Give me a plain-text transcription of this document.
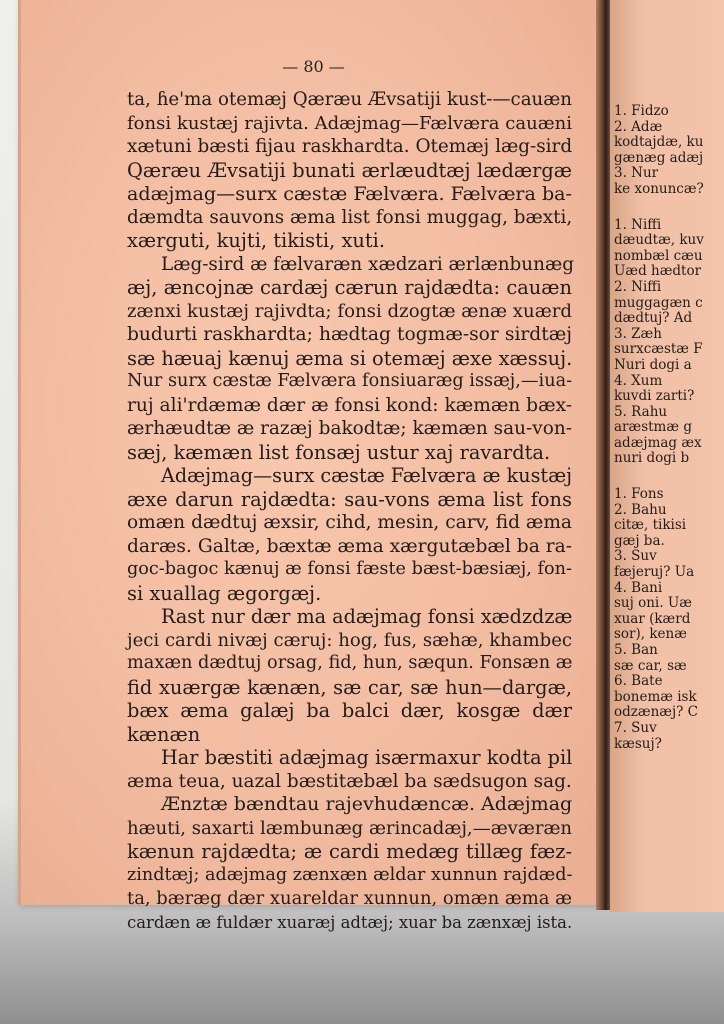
— 80 —
ta, ɦe'ma otemæj Qæræu Ævsatiji kust-—cauæn
fonsi kustæj rajivta. Adæjmag—Fælværa cauæni
xætuni bæsti fijau raskhardta. Otemæj læg-sird
Qæræu Ævsatiji bunati ærlæudtæj lædærgæ
adæjmag—surx cæstæ Fælværa. Fælværa ba-
dæmdta sauvons æma list fonsi muggag, bæxti,
xærguti, kujti, tikisti, xuti.
Læg-sird æ fælvaræn xædzari ærlænbunæg
æj, æncojnæ cardæj cærun rajdædta: cauæn
zænxi kustæj rajivdta; fonsi dzogtæ ænæ xuærd
budurti raskhardta; hædtag togmæ-sor sirdtæj
sæ hæuaj kænuj æma si otemæj æxe xæssuj.
Nur surx cæstæ Fælværa fonsiuaræg issæj,—iua-
ruj ali'rdæmæ dær æ fonsi kond: kæmæn bæx-
ærhæudtæ æ razæj bakodtæ; kæmæn sau-von-
sæj, kæmæn list fonsæj ustur xaj ravardta.
Adæjmag—surx cæstæ Fælværa æ kustæj
æxe darun rajdædta: sau-vons æma list fons
omæn dædtuj æxsir, cihd, mesin, carv, fid æma
daræs. Galtæ, bæxtæ æma xærgutæbæl ba ra-
goc-bagoc kænuj æ fonsi fæste bæst-bæsiæj, fon-
si xuallag ægorgæj.
Rast nur dær ma adæjmag fonsi xædzdzæ
jeci cardi nivæj cæruj: hog, fus, sæhæ, khambec
maxæn dædtuj orsag, fid, hun, sæqun. Fonsæn æ
fid xuærgæ kænæn, sæ car, sæ hun—dargæ,
bæx æma galæj ba balci dær, kosgæ dær
kænæn
Har bæstiti adæjmag isærmaxur kodta pil
æma teua, uazal bæstitæbæl ba sædsugon sag.
Ænztæ bændtau rajevhudæncæ. Adæjmag
hæuti, saxarti læmbunæg ærincadæj,—æværæn
kænun rajdædta; æ cardi medæg tillæg fæz-
zindtæj; adæjmag zænxæn ældar xunnun rajdæd-
ta, bæræg dær xuareldar xunnun, omæn æma æ
cardæn æ fuldær xuaræj adtæj; xuar ba zænxæj ista.
1. Fidzo
2. Adæ
kodtajdæ, ku
gænæg adæj
3. Nur
ke xonuncæ?
1. Niffi
dæudtæ, kuv
nombæl cæu
Uæd hædtor
2. Niffi
muggagæn c
dædtuj? Ad
3. Zæh
surxcæstæ F
Nuri dogi a
4. Xum
kuvdi zarti?
5. Rahu
aræstmæ g
adæjmag æx
nuri dogi b
1. Fons
2. Bahu
citæ, tikisi
gæj ba.
3. Suv
fæjeruj? Ua
4. Bani
suj oni. Uæ
xuar (kærd
sor), kenæ
5. Ban
sæ car, sæ
6. Bate
bonemæ isk
odzænæj? C
7. Suv
kæsuj?
